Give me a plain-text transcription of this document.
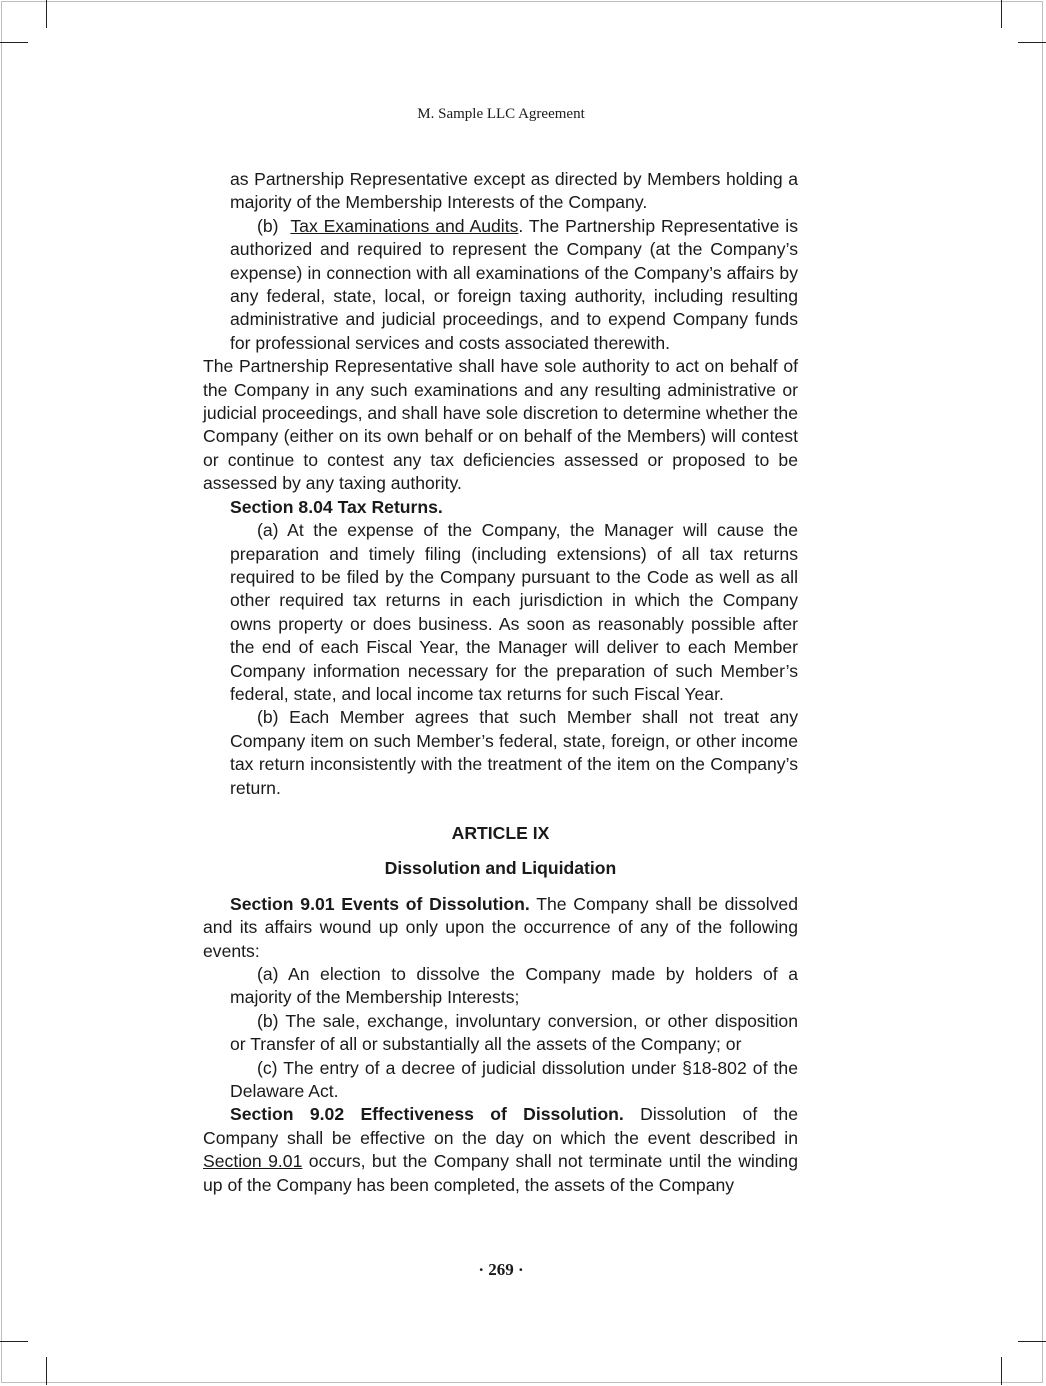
M. Sample LLC Agreement

as Partnership Representative except as directed by Members holding a majority of the Membership Interests of the Company.

(b) Tax Examinations and Audits. The Partnership Representative is authorized and required to represent the Company (at the Company’s expense) in connection with all examinations of the Company’s affairs by any federal, state, local, or foreign taxing authority, including resulting administrative and judicial proceedings, and to expend Company funds for professional services and costs associated therewith.

The Partnership Representative shall have sole authority to act on behalf of the Company in any such examinations and any resulting administrative or judicial proceedings, and shall have sole discretion to determine whether the Company (either on its own behalf or on behalf of the Members) will contest or continue to contest any tax deficiencies assessed or proposed to be assessed by any taxing authority.

Section 8.04 Tax Returns.

(a) At the expense of the Company, the Manager will cause the preparation and timely filing (including extensions) of all tax returns required to be filed by the Company pursuant to the Code as well as all other required tax returns in each jurisdiction in which the Company owns property or does business. As soon as reasonably possible after the end of each Fiscal Year, the Manager will deliver to each Member Company information necessary for the preparation of such Member’s federal, state, and local income tax returns for such Fiscal Year.

(b) Each Member agrees that such Member shall not treat any Company item on such Member’s federal, state, foreign, or other income tax return inconsistently with the treatment of the item on the Company’s return.

ARTICLE IX

Dissolution and Liquidation

Section 9.01 Events of Dissolution. The Company shall be dissolved and its affairs wound up only upon the occurrence of any of the following events:

(a) An election to dissolve the Company made by holders of a majority of the Membership Interests;

(b) The sale, exchange, involuntary conversion, or other disposition or Transfer of all or substantially all the assets of the Company; or

(c) The entry of a decree of judicial dissolution under §18-802 of the Delaware Act.

Section 9.02 Effectiveness of Dissolution. Dissolution of the Company shall be effective on the day on which the event described in Section 9.01 occurs, but the Company shall not terminate until the winding up of the Company has been completed, the assets of the Company

· 269 ·
